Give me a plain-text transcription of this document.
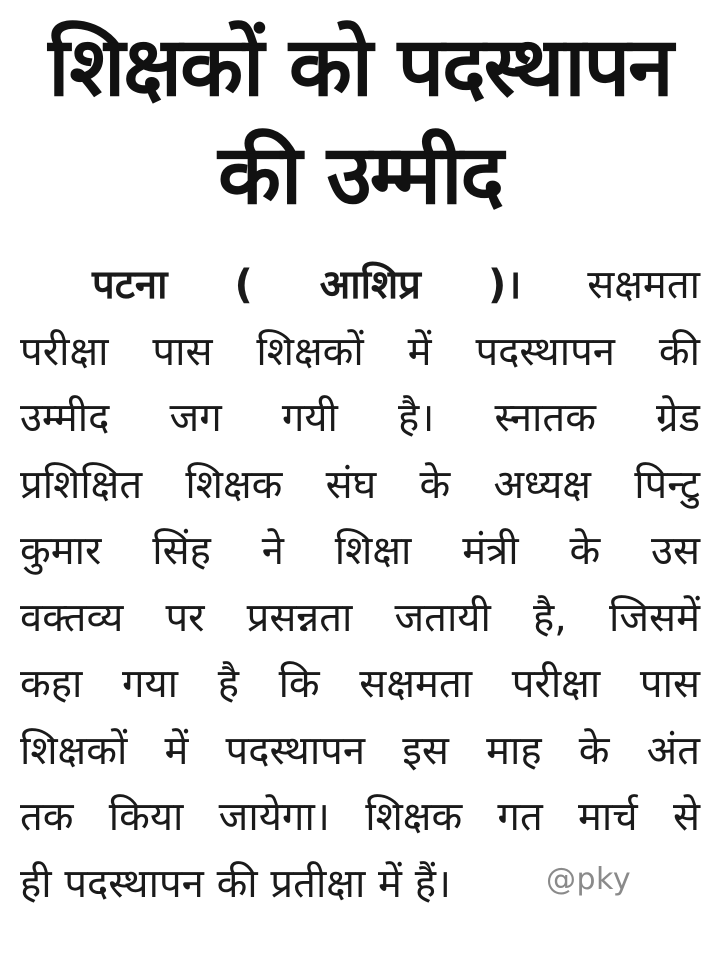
शिक्षकों को पदस्थापन
की उम्मीद
पटना ( आशिप्र )। सक्षमता
परीक्षा पास शिक्षकों में पदस्थापन की
उम्मीद जग गयी है। स्नातक ग्रेड
प्रशिक्षित शिक्षक संघ के अध्यक्ष पिन्टु
कुमार सिंह ने शिक्षा मंत्री के उस
वक्तव्य पर प्रसन्नता जतायी है, जिसमें
कहा गया है कि सक्षमता परीक्षा पास
शिक्षकों में पदस्थापन इस माह के अंत
तक किया जायेगा। शिक्षक गत मार्च से
ही पदस्थापन की प्रतीक्षा में हैं।	@pky
